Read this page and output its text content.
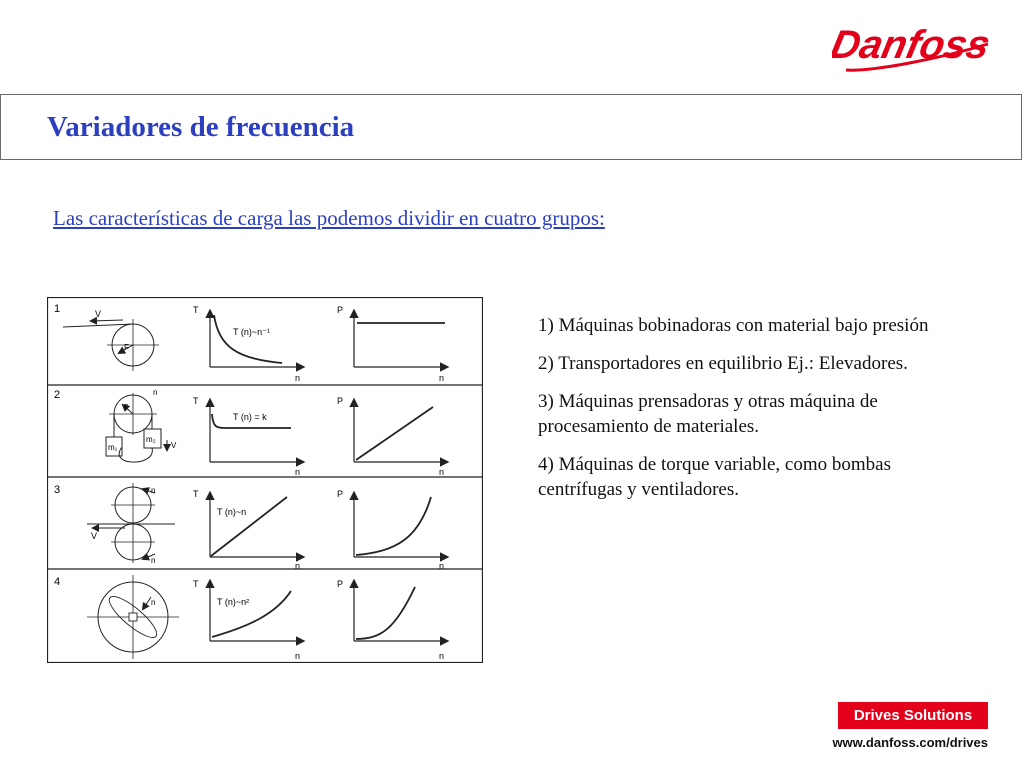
Danfoss
Variadores de frecuencia

Las características de carga las podemos dividir en cuatro grupos:

1	V
F
T
n
T (n)~n⁻¹
P
n
2	n
F
m₁
m₂
V
T
n
T (n) = k
P
n
3	n
V
n
T
n
T (n)~n
P
n
4
n
T
n
T (n)~n²
P
n
1) Máquinas bobinadoras con material bajo presión
2) Transportadores en equilibrio Ej.: Elevadores.
3) Máquinas prensadoras y otras máquina de procesamiento de materiales.
4) Máquinas de torque variable, como bombas centrífugas y ventiladores.
Drives Solutions
www.danfoss.com/drives
